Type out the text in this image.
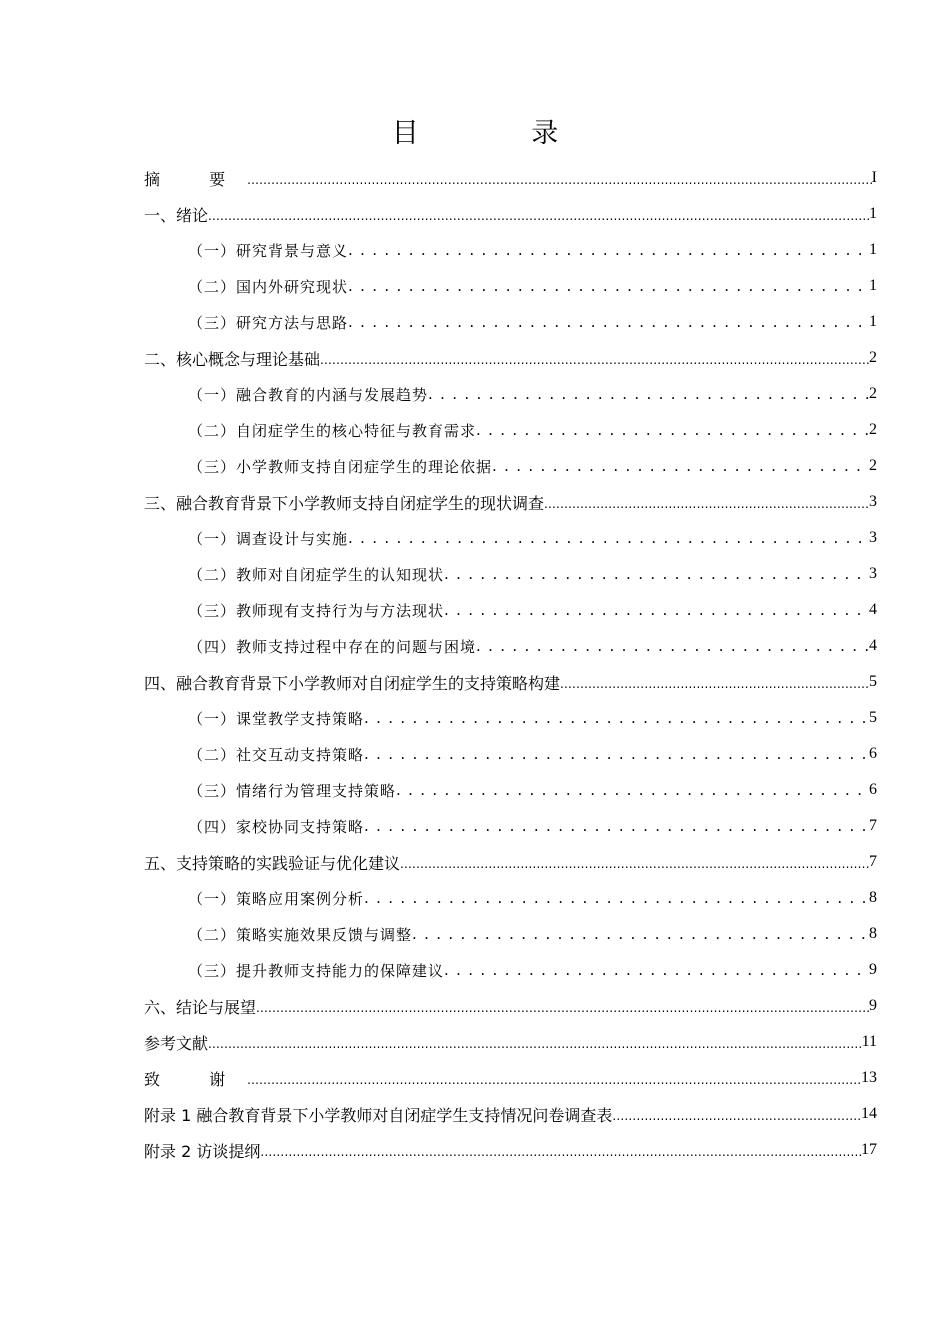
目 录
摘 要 .....	I
一、绪论 .....	1
（一）研究背景与意义 . . .	1
（二）国内外研究现状 . . .	1
（三）研究方法与思路 . . .	1
二、核心概念与理论基础 .....	2
（一）融合教育的内涵与发展趋势 . . .	2
（二）自闭症学生的核心特征与教育需求 . . .	2
（三）小学教师支持自闭症学生的理论依据 . . .	2
三、融合教育背景下小学教师支持自闭症学生的现状调查 .....	3
（一）调查设计与实施 . . .	3
（二）教师对自闭症学生的认知现状 . . .	3
（三）教师现有支持行为与方法现状 . . .	4
（四）教师支持过程中存在的问题与困境 . . .	4
四、融合教育背景下小学教师对自闭症学生的支持策略构建 .....	5
（一）课堂教学支持策略 . . .	5
（二）社交互动支持策略 . . .	6
（三）情绪行为管理支持策略 . . .	6
（四）家校协同支持策略 . . .	7
五、支持策略的实践验证与优化建议 .....	7
（一）策略应用案例分析 . . .	8
（二）策略实施效果反馈与调整 . . .	8
（三）提升教师支持能力的保障建议 . . .	9
六、结论与展望 .....	9
参考文献 .....	11
致 谢 .....	13
附录 1 融合教育背景下小学教师对自闭症学生支持情况问卷调查表 .....	14
附录 2 访谈提纲 .....	17
